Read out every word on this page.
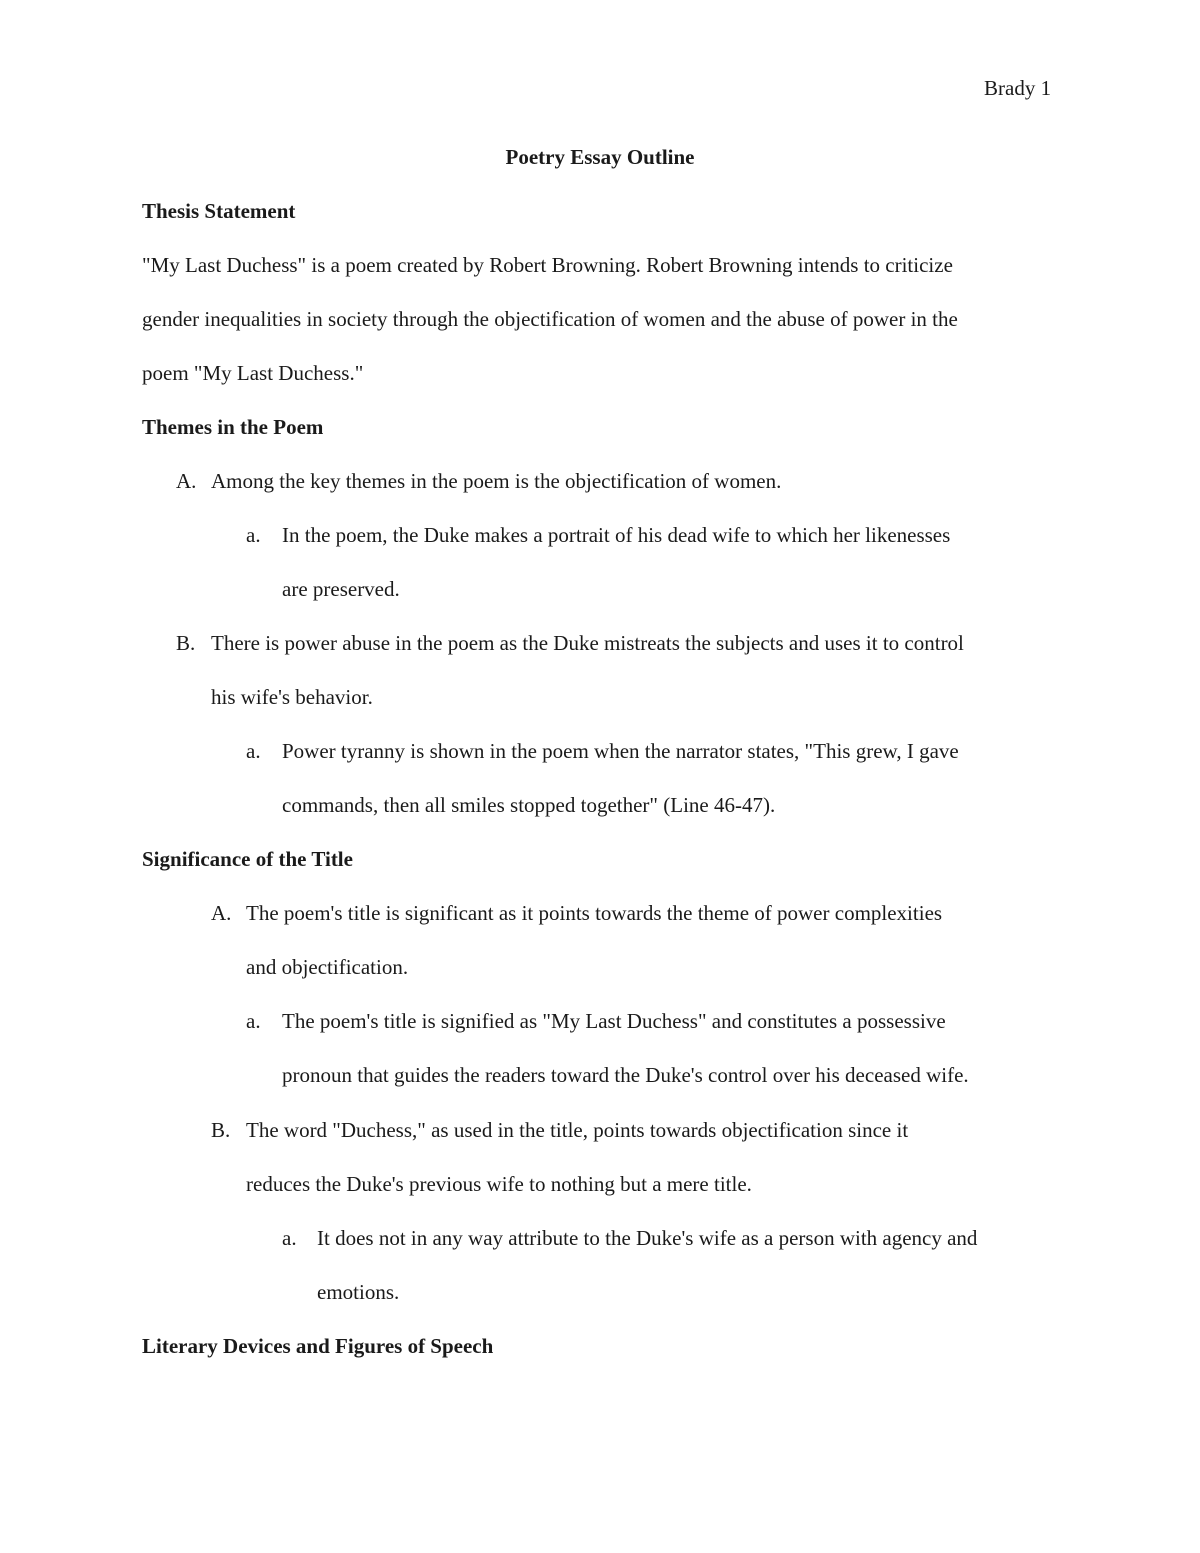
Brady 1
Poetry Essay Outline
Thesis Statement
"My Last Duchess" is a poem created by Robert Browning. Robert Browning intends to criticize
gender inequalities in society through the objectification of women and the abuse of power in the
poem "My Last Duchess."
Themes in the Poem
A. Among the key themes in the poem is the objectification of women.
a. In the poem, the Duke makes a portrait of his dead wife to which her likenesses
are preserved.
B. There is power abuse in the poem as the Duke mistreats the subjects and uses it to control
his wife's behavior.
a. Power tyranny is shown in the poem when the narrator states, "This grew, I gave
commands, then all smiles stopped together" (Line 46-47).
Significance of the Title
A. The poem's title is significant as it points towards the theme of power complexities
and objectification.
a. The poem's title is signified as "My Last Duchess" and constitutes a possessive
pronoun that guides the readers toward the Duke's control over his deceased wife.
B. The word "Duchess," as used in the title, points towards objectification since it
reduces the Duke's previous wife to nothing but a mere title.
a. It does not in any way attribute to the Duke's wife as a person with agency and
emotions.
Literary Devices and Figures of Speech
